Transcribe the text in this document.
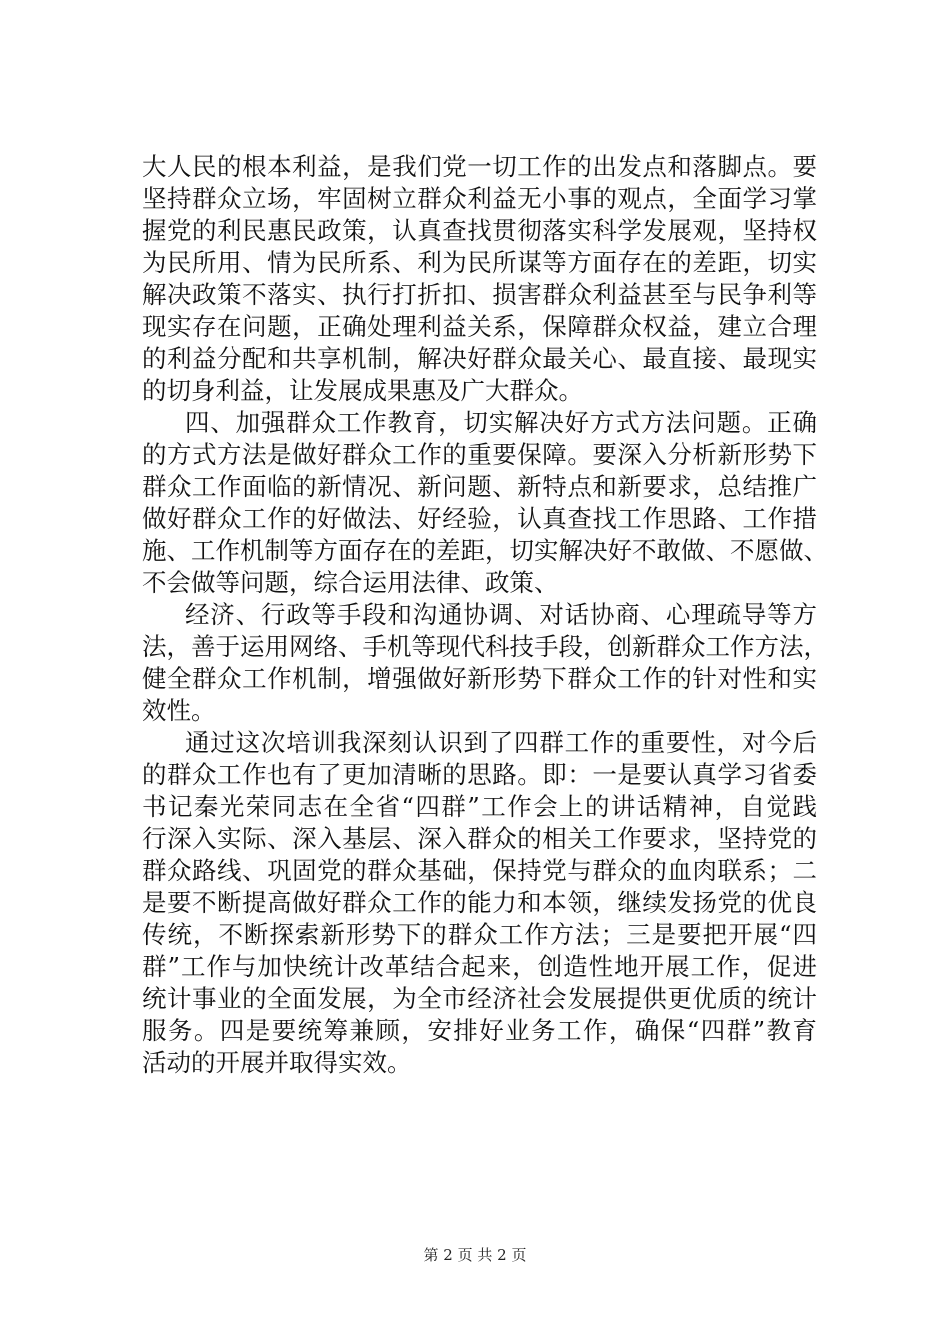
大人民的根本利益，是我们党一切工作的出发点和落脚点。要
坚持群众立场，牢固树立群众利益无小事的观点，全面学习掌
握党的利民惠民政策，认真查找贯彻落实科学发展观，坚持权
为民所用、情为民所系、利为民所谋等方面存在的差距，切实
解决政策不落实、执行打折扣、损害群众利益甚至与民争利等
现实存在问题，正确处理利益关系，保障群众权益，建立合理
的利益分配和共享机制，解决好群众最关心、最直接、最现实
的切身利益，让发展成果惠及广大群众。
四、加强群众工作教育，切实解决好方式方法问题。正确
的方式方法是做好群众工作的重要保障。要深入分析新形势下
群众工作面临的新情况、新问题、新特点和新要求，总结推广
做好群众工作的好做法、好经验，认真查找工作思路、工作措
施、工作机制等方面存在的差距，切实解决好不敢做、不愿做、
不会做等问题，综合运用法律、政策、
经济、行政等手段和沟通协调、对话协商、心理疏导等方
法，善于运用网络、手机等现代科技手段，创新群众工作方法，
健全群众工作机制，增强做好新形势下群众工作的针对性和实
效性。
通过这次培训我深刻认识到了四群工作的重要性，对今后
的群众工作也有了更加清晰的思路。即：一是要认真学习省委
书记秦光荣同志在全省“四群”工作会上的讲话精神，自觉践
行深入实际、深入基层、深入群众的相关工作要求，坚持党的
群众路线、巩固党的群众基础，保持党与群众的血肉联系；二
是要不断提高做好群众工作的能力和本领，继续发扬党的优良
传统，不断探索新形势下的群众工作方法；三是要把开展“四
群”工作与加快统计改革结合起来，创造性地开展工作，促进
统计事业的全面发展，为全市经济社会发展提供更优质的统计
服务。四是要统筹兼顾，安排好业务工作，确保“四群”教育
活动的开展并取得实效。
第 2 页 共 2 页
